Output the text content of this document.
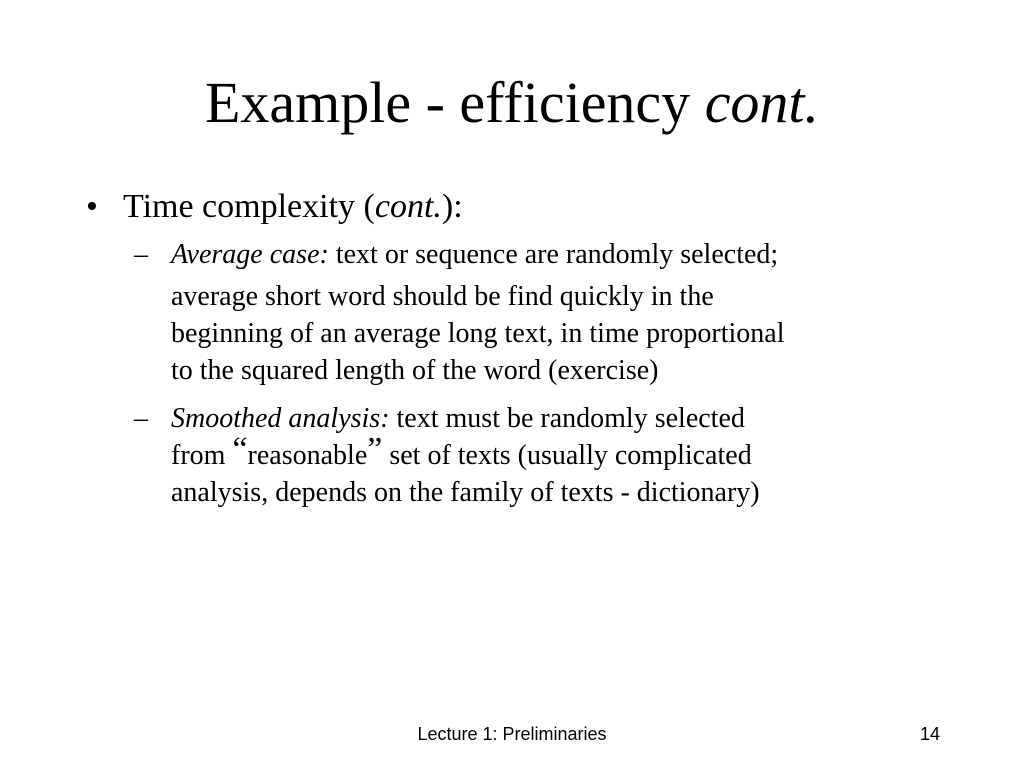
Example - efficiency cont.
• Time complexity (cont.):
– Average case: text or sequence are randomly selected;
average short word should be find quickly in the
beginning of an average long text, in time proportional
to the squared length of the word (exercise)
– Smoothed analysis: text must be randomly selected
from “reasonable” set of texts (usually complicated
analysis, depends on the family of texts - dictionary)
Lecture 1: Preliminaries	14
